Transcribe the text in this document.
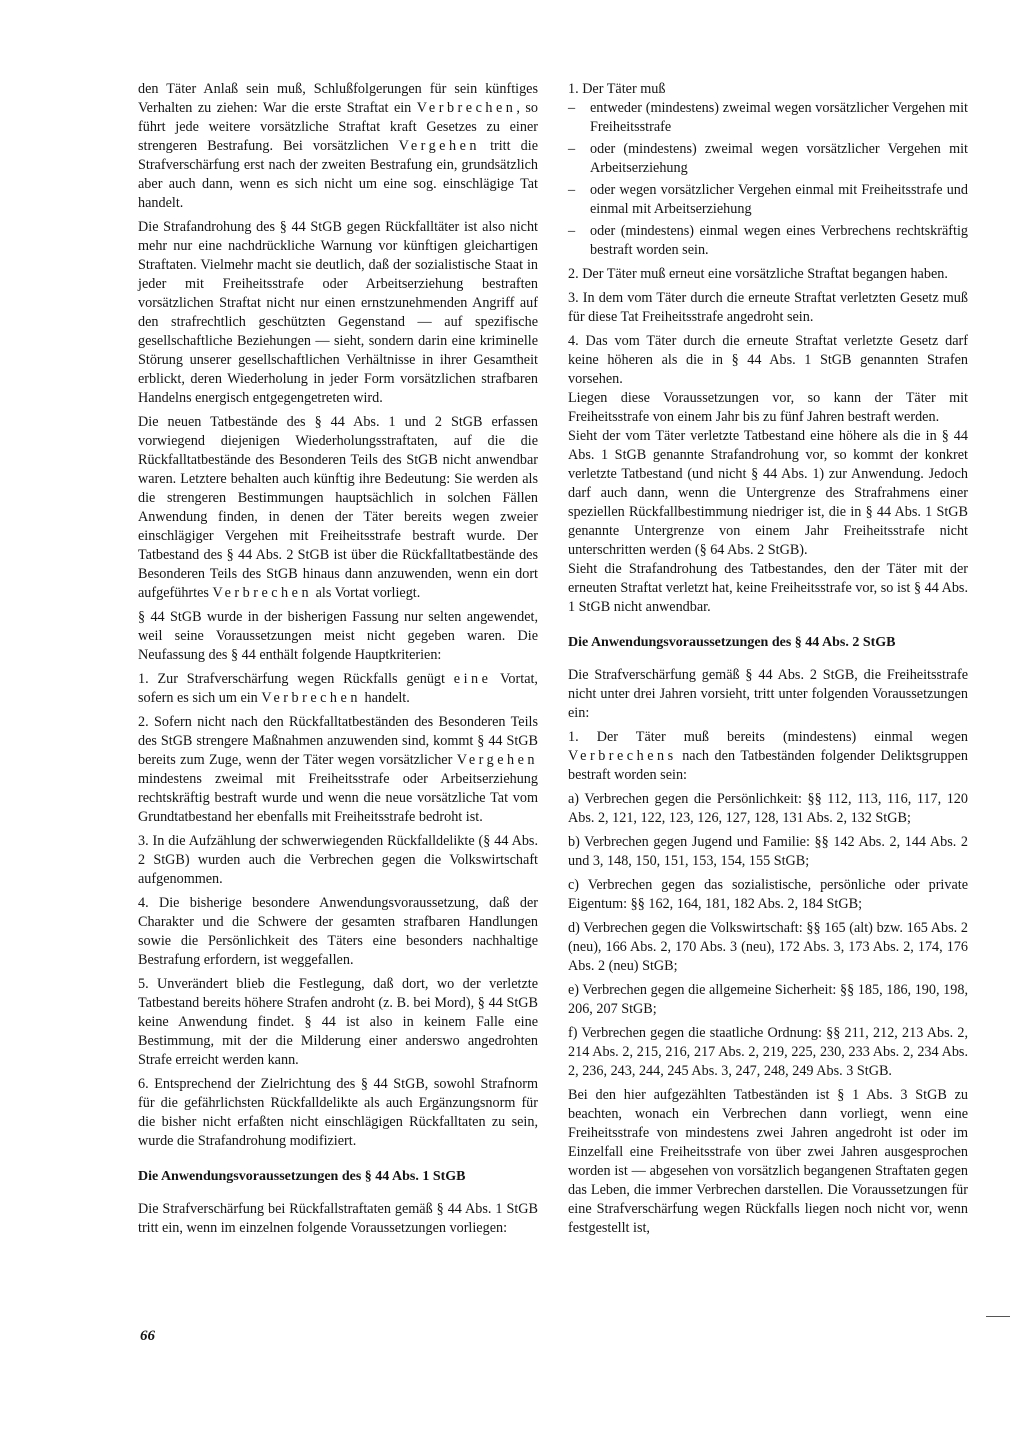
den Täter Anlaß sein muß, Schlußfolgerungen für sein künftiges Verhalten zu ziehen: War die erste Straftat ein Verbrechen, so führt jede weitere vorsätzliche Straftat kraft Gesetzes zu einer strengeren Bestrafung. Bei vorsätzlichen Vergehen tritt die Strafverschärfung erst nach der zweiten Bestrafung ein, grundsätzlich aber auch dann, wenn es sich nicht um eine sog. einschlägige Tat handelt.

Die Strafandrohung des § 44 StGB gegen Rückfalltäter ist also nicht mehr nur eine nachdrückliche Warnung vor künftigen gleichartigen Straftaten. Vielmehr macht sie deutlich, daß der sozialistische Staat in jeder mit Freiheitsstrafe oder Arbeitserziehung bestraften vorsätzlichen Straftat nicht nur einen ernstzunehmenden Angriff auf den strafrechtlich geschützten Gegenstand — auf spezifische gesellschaftliche Beziehungen — sieht, sondern darin eine kriminelle Störung unserer gesellschaftlichen Verhältnisse in ihrer Gesamtheit erblickt, deren Wiederholung in jeder Form vorsätzlichen strafbaren Handelns energisch entgegengetreten wird.

Die neuen Tatbestände des § 44 Abs. 1 und 2 StGB erfassen vorwiegend diejenigen Wiederholungsstraftaten, auf die die Rückfalltatbestände des Besonderen Teils des StGB nicht anwendbar waren. Letztere behalten auch künftig ihre Bedeutung: Sie werden als die strengeren Bestimmungen hauptsächlich in solchen Fällen Anwendung finden, in denen der Täter bereits wegen zweier einschlägiger Vergehen mit Freiheitsstrafe bestraft wurde. Der Tatbestand des § 44 Abs. 2 StGB ist über die Rückfalltatbestände des Besonderen Teils des StGB hinaus dann anzuwenden, wenn ein dort aufgeführtes Verbrechen als Vortat vorliegt.

§ 44 StGB wurde in der bisherigen Fassung nur selten angewendet, weil seine Voraussetzungen meist nicht gegeben waren. Die Neufassung des § 44 enthält folgende Hauptkriterien:

1. Zur Strafverschärfung wegen Rückfalls genügt eine Vortat, sofern es sich um ein Verbrechen handelt.

2. Sofern nicht nach den Rückfalltatbeständen des Besonderen Teils des StGB strengere Maßnahmen anzuwenden sind, kommt § 44 StGB bereits zum Zuge, wenn der Täter wegen vorsätzlicher Vergehen mindestens zweimal mit Freiheitsstrafe oder Arbeitserziehung rechtskräftig bestraft wurde und wenn die neue vorsätzliche Tat vom Grundtatbestand her ebenfalls mit Freiheitsstrafe bedroht ist.

3. In die Aufzählung der schwerwiegenden Rückfalldelikte (§ 44 Abs. 2 StGB) wurden auch die Verbrechen gegen die Volkswirtschaft aufgenommen.

4. Die bisherige besondere Anwendungsvoraussetzung, daß der Charakter und die Schwere der gesamten strafbaren Handlungen sowie die Persönlichkeit des Täters eine besonders nachhaltige Bestrafung erfordern, ist weggefallen.

5. Unverändert blieb die Festlegung, daß dort, wo der verletzte Tatbestand bereits höhere Strafen androht (z. B. bei Mord), § 44 StGB keine Anwendung findet. § 44 ist also in keinem Falle eine Bestimmung, mit der die Milderung einer anderswo angedrohten Strafe erreicht werden kann.

6. Entsprechend der Zielrichtung des § 44 StGB, sowohl Strafnorm für die gefährlichsten Rückfalldelikte als auch Ergänzungsnorm für die bisher nicht erfaßten nicht einschlägigen Rückfalltaten zu sein, wurde die Strafandrohung modifiziert.

Die Anwendungsvoraussetzungen des § 44 Abs. 1 StGB

Die Strafverschärfung bei Rückfallstraftaten gemäß § 44 Abs. 1 StGB tritt ein, wenn im einzelnen folgende Voraussetzungen vorliegen:

1. Der Täter muß

– entweder (mindestens) zweimal wegen vorsätzlicher Vergehen mit Freiheitsstrafe
– oder (mindestens) zweimal wegen vorsätzlicher Vergehen mit Arbeitserziehung
– oder wegen vorsätzlicher Vergehen einmal mit Freiheitsstrafe und einmal mit Arbeitserziehung
– oder (mindestens) einmal wegen eines Verbrechens rechtskräftig bestraft worden sein.

2. Der Täter muß erneut eine vorsätzliche Straftat begangen haben.

3. In dem vom Täter durch die erneute Straftat verletzten Gesetz muß für diese Tat Freiheitsstrafe angedroht sein.

4. Das vom Täter durch die erneute Straftat verletzte Gesetz darf keine höheren als die in § 44 Abs. 1 StGB genannten Strafen vorsehen.

Liegen diese Voraussetzungen vor, so kann der Täter mit Freiheitsstrafe von einem Jahr bis zu fünf Jahren bestraft werden.

Sieht der vom Täter verletzte Tatbestand eine höhere als die in § 44 Abs. 1 StGB genannte Strafandrohung vor, so kommt der konkret verletzte Tatbestand (und nicht § 44 Abs. 1) zur Anwendung. Jedoch darf auch dann, wenn die Untergrenze des Strafrahmens einer speziellen Rückfallbestimmung niedriger ist, die in § 44 Abs. 1 StGB genannte Untergrenze von einem Jahr Freiheitsstrafe nicht unterschritten werden (§ 64 Abs. 2 StGB).

Sieht die Strafandrohung des Tatbestandes, den der Täter mit der erneuten Straftat verletzt hat, keine Freiheitsstrafe vor, so ist § 44 Abs. 1 StGB nicht anwendbar.

Die Anwendungsvoraussetzungen des § 44 Abs. 2 StGB

Die Strafverschärfung gemäß § 44 Abs. 2 StGB, die Freiheitsstrafe nicht unter drei Jahren vorsieht, tritt unter folgenden Voraussetzungen ein:

1. Der Täter muß bereits (mindestens) einmal wegen Verbrechens nach den Tatbeständen folgender Deliktsgruppen bestraft worden sein:

a) Verbrechen gegen die Persönlichkeit: §§ 112, 113, 116, 117, 120 Abs. 2, 121, 122, 123, 126, 127, 128, 131 Abs. 2, 132 StGB;

b) Verbrechen gegen Jugend und Familie: §§ 142 Abs. 2, 144 Abs. 2 und 3, 148, 150, 151, 153, 154, 155 StGB;

c) Verbrechen gegen das sozialistische, persönliche oder private Eigentum: §§ 162, 164, 181, 182 Abs. 2, 184 StGB;

d) Verbrechen gegen die Volkswirtschaft: §§ 165 (alt) bzw. 165 Abs. 2 (neu), 166 Abs. 2, 170 Abs. 3 (neu), 172 Abs. 3, 173 Abs. 2, 174, 176 Abs. 2 (neu) StGB;

e) Verbrechen gegen die allgemeine Sicherheit: §§ 185, 186, 190, 198, 206, 207 StGB;

f) Verbrechen gegen die staatliche Ordnung: §§ 211, 212, 213 Abs. 2, 214 Abs. 2, 215, 216, 217 Abs. 2, 219, 225, 230, 233 Abs. 2, 234 Abs. 2, 236, 243, 244, 245 Abs. 3, 247, 248, 249 Abs. 3 StGB.

Bei den hier aufgezählten Tatbeständen ist § 1 Abs. 3 StGB zu beachten, wonach ein Verbrechen dann vorliegt, wenn eine Freiheitsstrafe von mindestens zwei Jahren angedroht ist oder im Einzelfall eine Freiheitsstrafe von über zwei Jahren ausgesprochen worden ist — abgesehen von vorsätzlich begangenen Straftaten gegen das Leben, die immer Verbrechen darstellen. Die Voraussetzungen für eine Strafverschärfung wegen Rückfalls liegen noch nicht vor, wenn festgestellt ist,

66
